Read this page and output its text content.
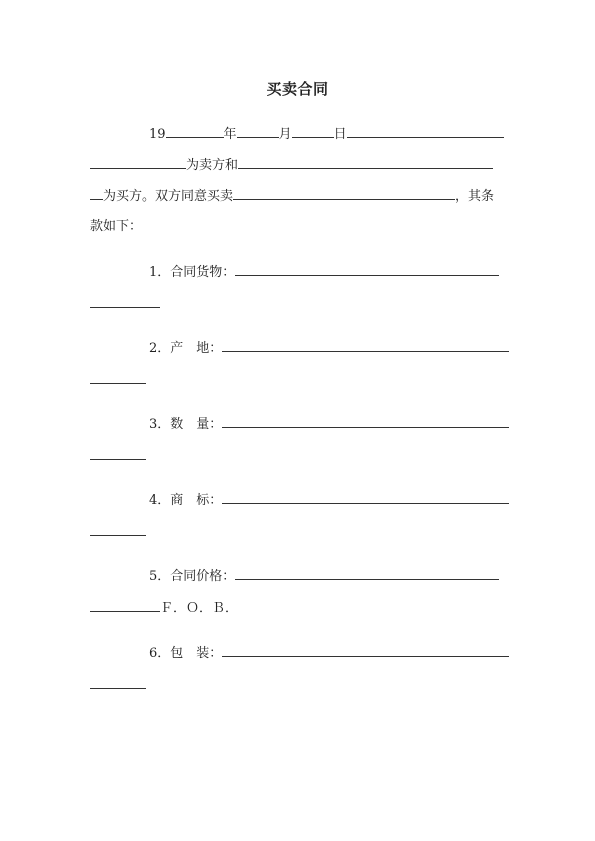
买卖合同
19	年	月	日
为卖方和
为买方。双方同意买卖	，其条
款如下：
1．合同货物：
2．产　地：
3．数　量：
4．商　标：
5．合同价格：
Ｆ．Ｏ．Ｂ．
6．包　装：
